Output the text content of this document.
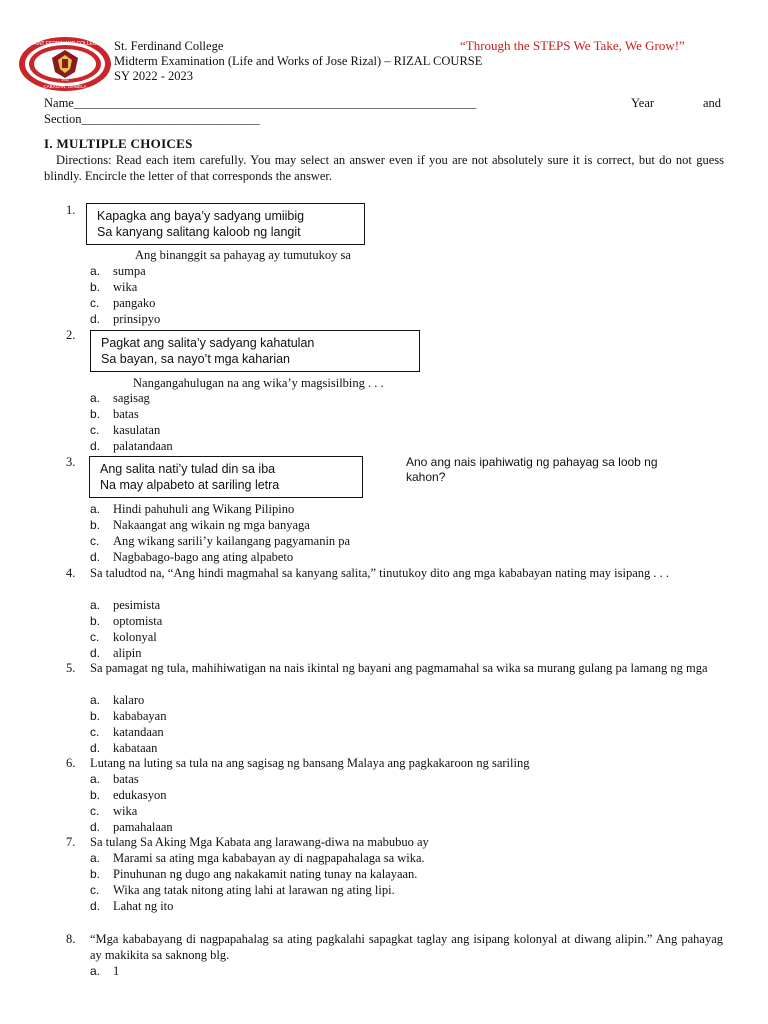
SAINT FERDINAND COLLEGE
CABAGAN, ISABELA
1952
St. Ferdinand College
Midterm Examination (Life and Works of Jose Rizal) – RIZAL COURSE
SY 2022 - 2023
“Through the STEPS We Take, We Grow!”
Name______________________________________________________________________	Year	and
Section_______________________________
I. MULTIPLE CHOICES
Directions: Read each item carefully. You may select an answer even if you are not absolutely sure it is correct, but do not guess blindly. Encircle the letter of that corresponds the answer.
1. Kapagka ang baya’y sadyang umiibig
Sa kanyang salitang kaloob ng langit
Ang binanggit sa pahayag ay tumutukoy sa
a. sumpa
b. wika
c. pangako
d. prinsipyo
2.
Pagkat ang salita’y sadyang kahatulan
Sa bayan, sa nayo’t mga kaharian
Nangangahulugan na ang wika’y magsisilbing . . .
a. sagisag
b. batas
c. kasulatan
d. palatandaan
3. Ang salita nati’y tulad din sa iba
Na may alpabeto at sariling letra
Ano ang nais ipahiwatig ng pahayag sa loob ng
kahon?
a. Hindi pahuhuli ang Wikang Pilipino
b. Nakaangat ang wikain ng mga banyaga
c. Ang wikang sarili’y kailangang pagyamanin pa
d. Nagbabago-bago ang ating alpabeto
4. Sa taludtod na, “Ang hindi magmahal sa kanyang salita,” tinutukoy dito ang mga kababayan nating may isipang . . .
a. pesimista
b. optomista
c. kolonyal
d. alipin
5. Sa pamagat ng tula, mahihiwatigan na nais ikintal ng bayani ang pagmamahal sa wika sa murang gulang pa lamang ng mga
a. kalaro
b. kababayan
c. katandaan
d. kabataan
6. Lutang na luting sa tula na ang sagisag ng bansang Malaya ang pagkakaroon ng sariling
a. batas
b. edukasyon
c. wika
d. pamahalaan
7. Sa tulang Sa Aking Mga Kabata ang larawang-diwa na mabubuo ay
a. Marami sa ating mga kababayan ay di nagpapahalaga sa wika.
b. Pinuhunan ng dugo ang nakakamit nating tunay na kalayaan.
c. Wika ang tatak nitong ating lahi at larawan ng ating lipi.
d. Lahat ng ito
8. “Mga kababayang di nagpapahalag sa ating pagkalahi sapagkat taglay ang isipang kolonyal at diwang alipin.” Ang pahayag ay makikita sa saknong blg.
a. 1
